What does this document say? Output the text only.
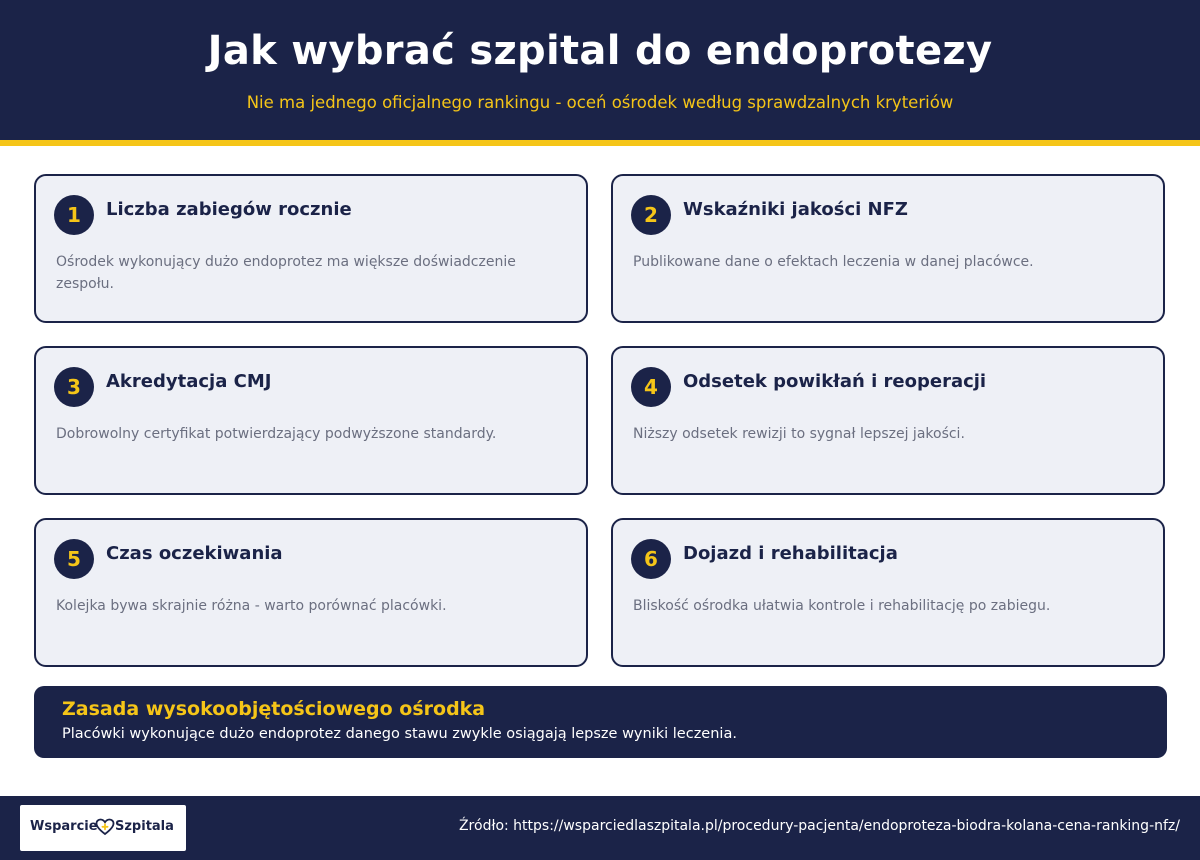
Jak wybrać szpital do endoprotezy
Nie ma jednego oficjalnego rankingu - oceń ośrodek według sprawdzalnych kryteriów
1	Liczba zabiegów rocznie
Ośrodek wykonujący dużo endoprotez ma większe doświadczenie zespołu.
2	Wskaźniki jakości NFZ
Publikowane dane o efektach leczenia w danej placówce.
3	Akredytacja CMJ
Dobrowolny certyfikat potwierdzający podwyższone standardy.
4	Odsetek powikłań i reoperacji
Niższy odsetek rewizji to sygnał lepszej jakości.
5	Czas oczekiwania
Kolejka bywa skrajnie różna - warto porównać placówki.
6	Dojazd i rehabilitacja
Bliskość ośrodka ułatwia kontrole i rehabilitację po zabiegu.
Zasada wysokoobjętościowego ośrodka
Placówki wykonujące dużo endoprotez danego stawu zwykle osiągają lepsze wyniki leczenia.
Wsparcie Szpitala	Źródło: https://wsparciedlaszpitala.pl/procedury-pacjenta/endoproteza-biodra-kolana-cena-ranking-nfz/
